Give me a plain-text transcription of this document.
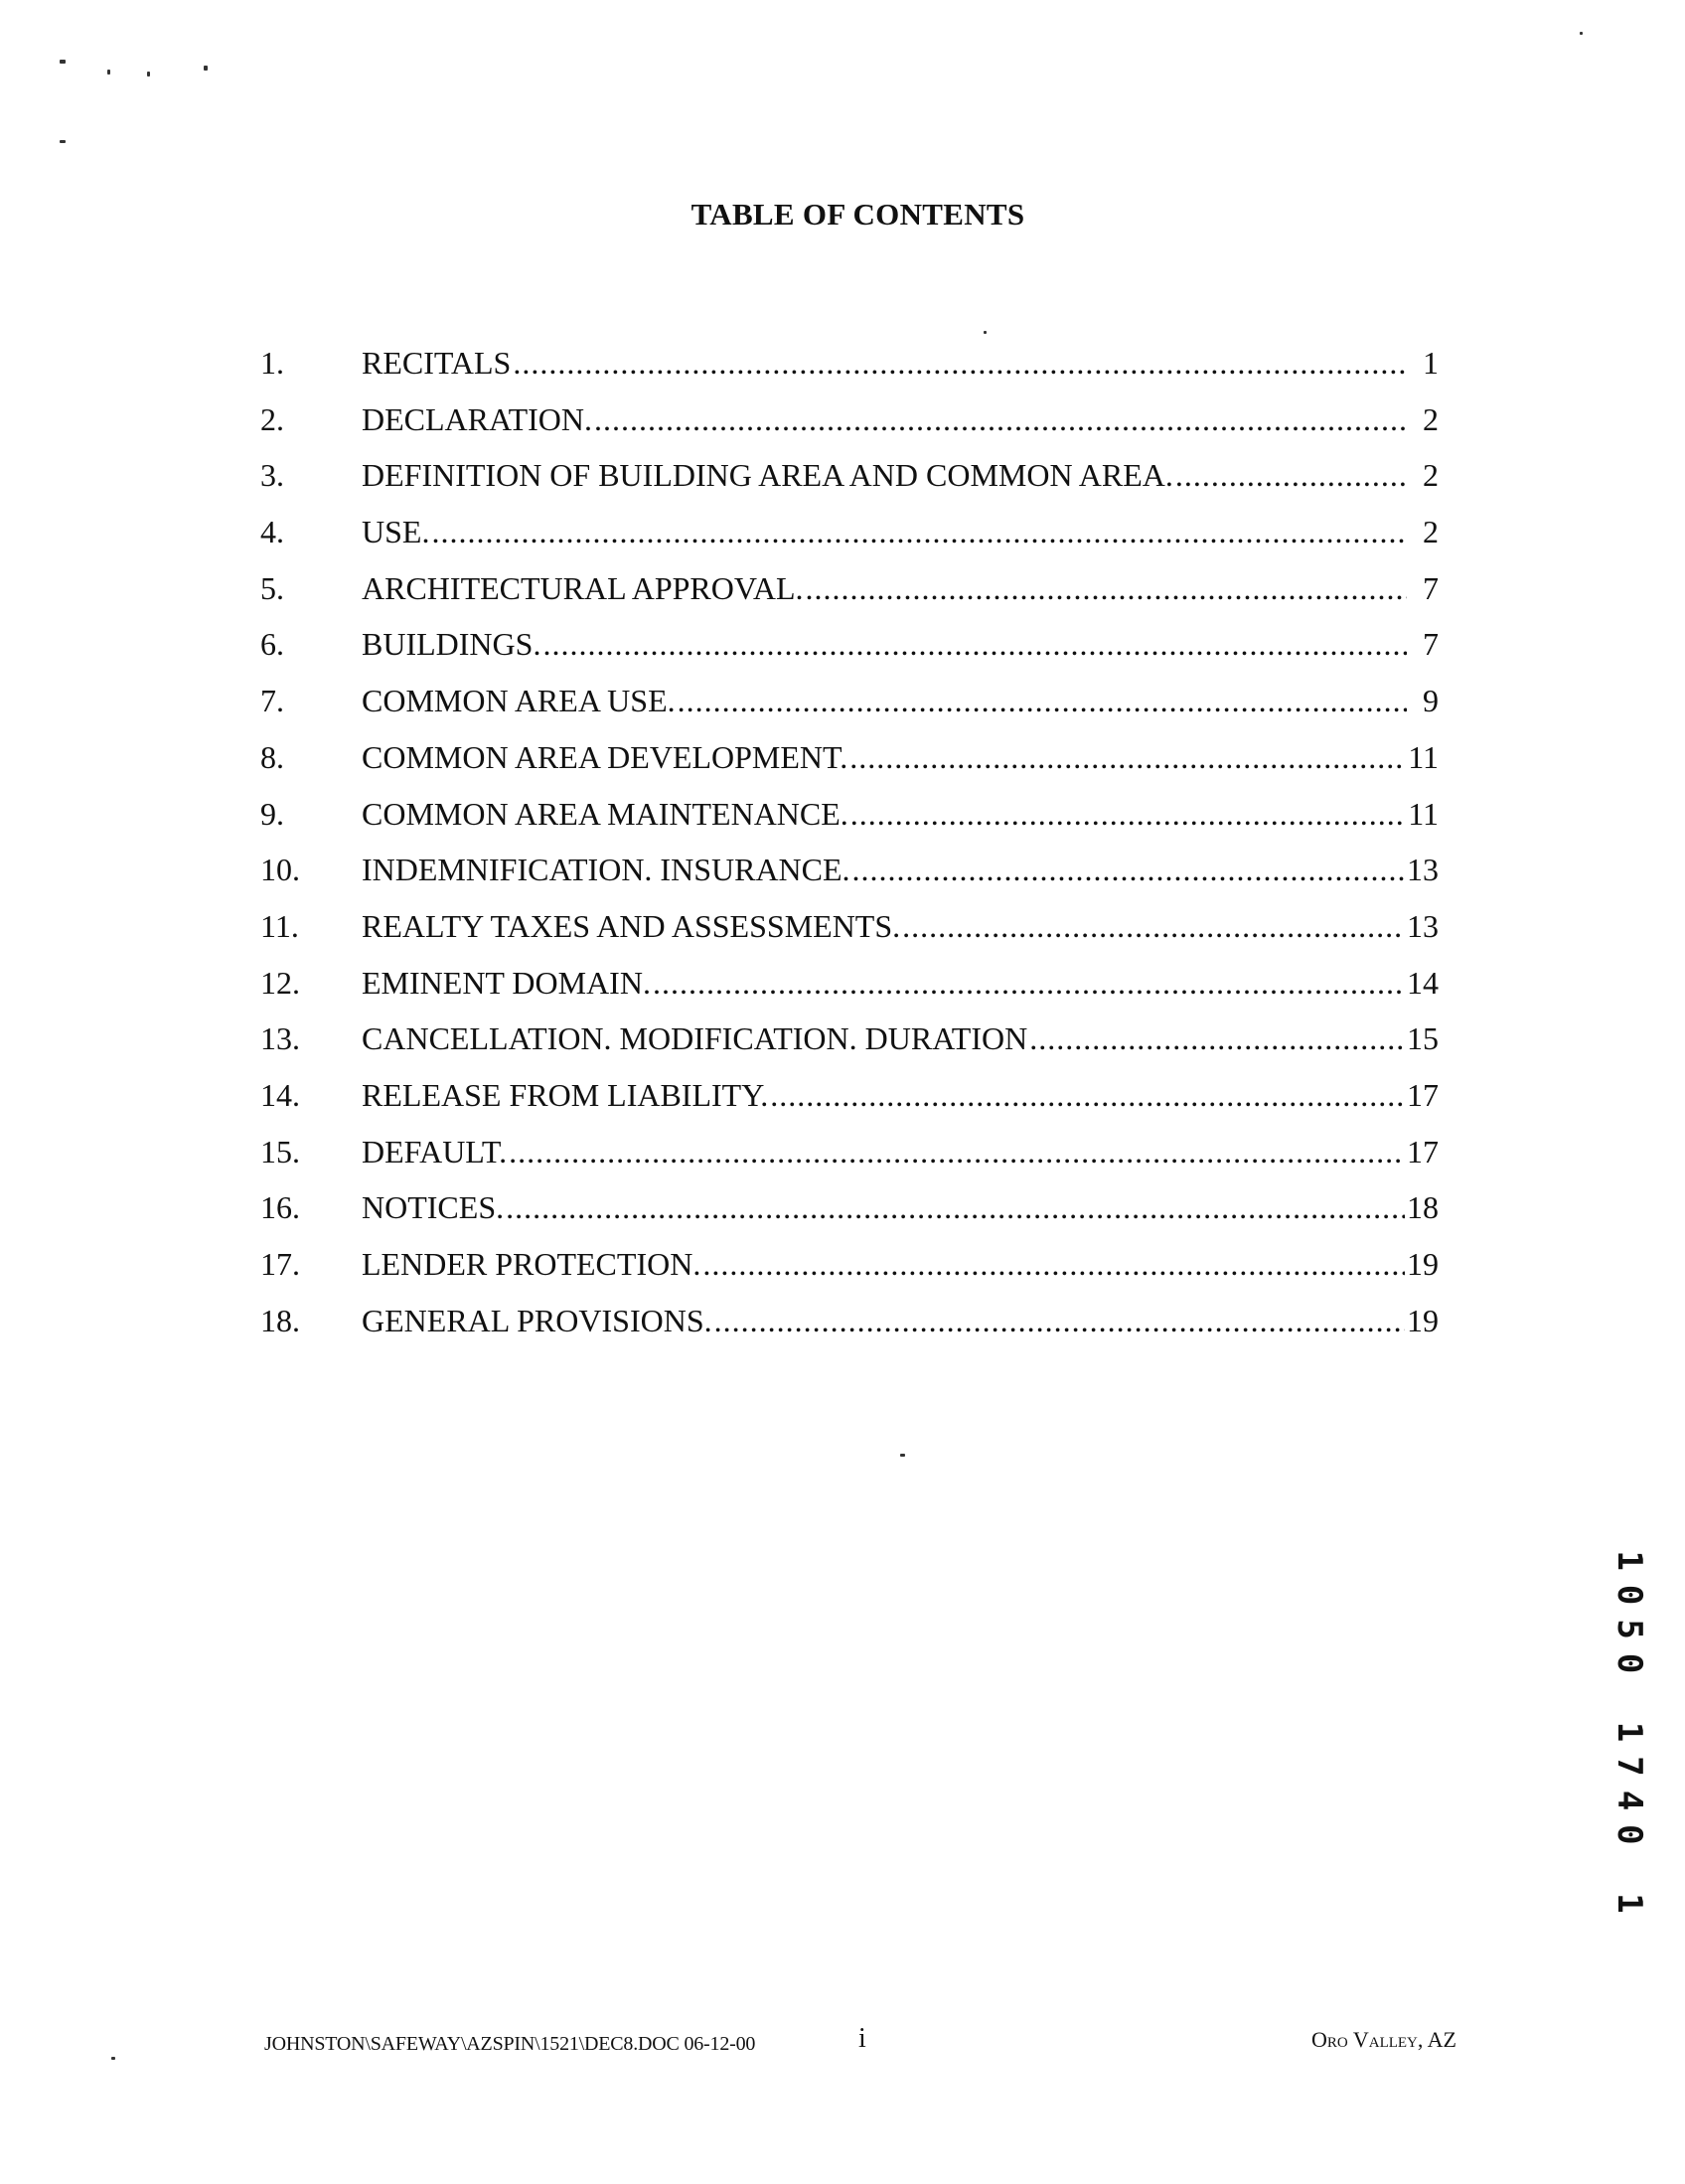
TABLE OF CONTENTS
1.	RECITALS .....	1
2.	DECLARATION. .....	2
3.	DEFINITION OF BUILDING AREA AND COMMON AREA. .....	2
4.	USE. .....	2
5.	ARCHITECTURAL APPROVAL. .....	7
6.	BUILDINGS. .....	7
7.	COMMON AREA USE. .....	9
8.	COMMON AREA DEVELOPMENT. .....	11
9.	COMMON AREA MAINTENANCE. .....	11
10.	INDEMNIFICATION. INSURANCE. .....	13
11.	REALTY TAXES AND ASSESSMENTS. .....	13
12.	EMINENT DOMAIN. .....	14
13.	CANCELLATION. MODIFICATION. DURATION .....	15
14.	RELEASE FROM LIABILITY. .....	17
15.	DEFAULT. .....	17
16.	NOTICES. .....	18
17.	LENDER PROTECTION. .....	19
18.	GENERAL PROVISIONS. .....	19
JOHNSTON\SAFEWAY\AZSPIN\1521\DEC8.DOC 06-12-00	i	Oro Valley, AZ
1050 1740 1
